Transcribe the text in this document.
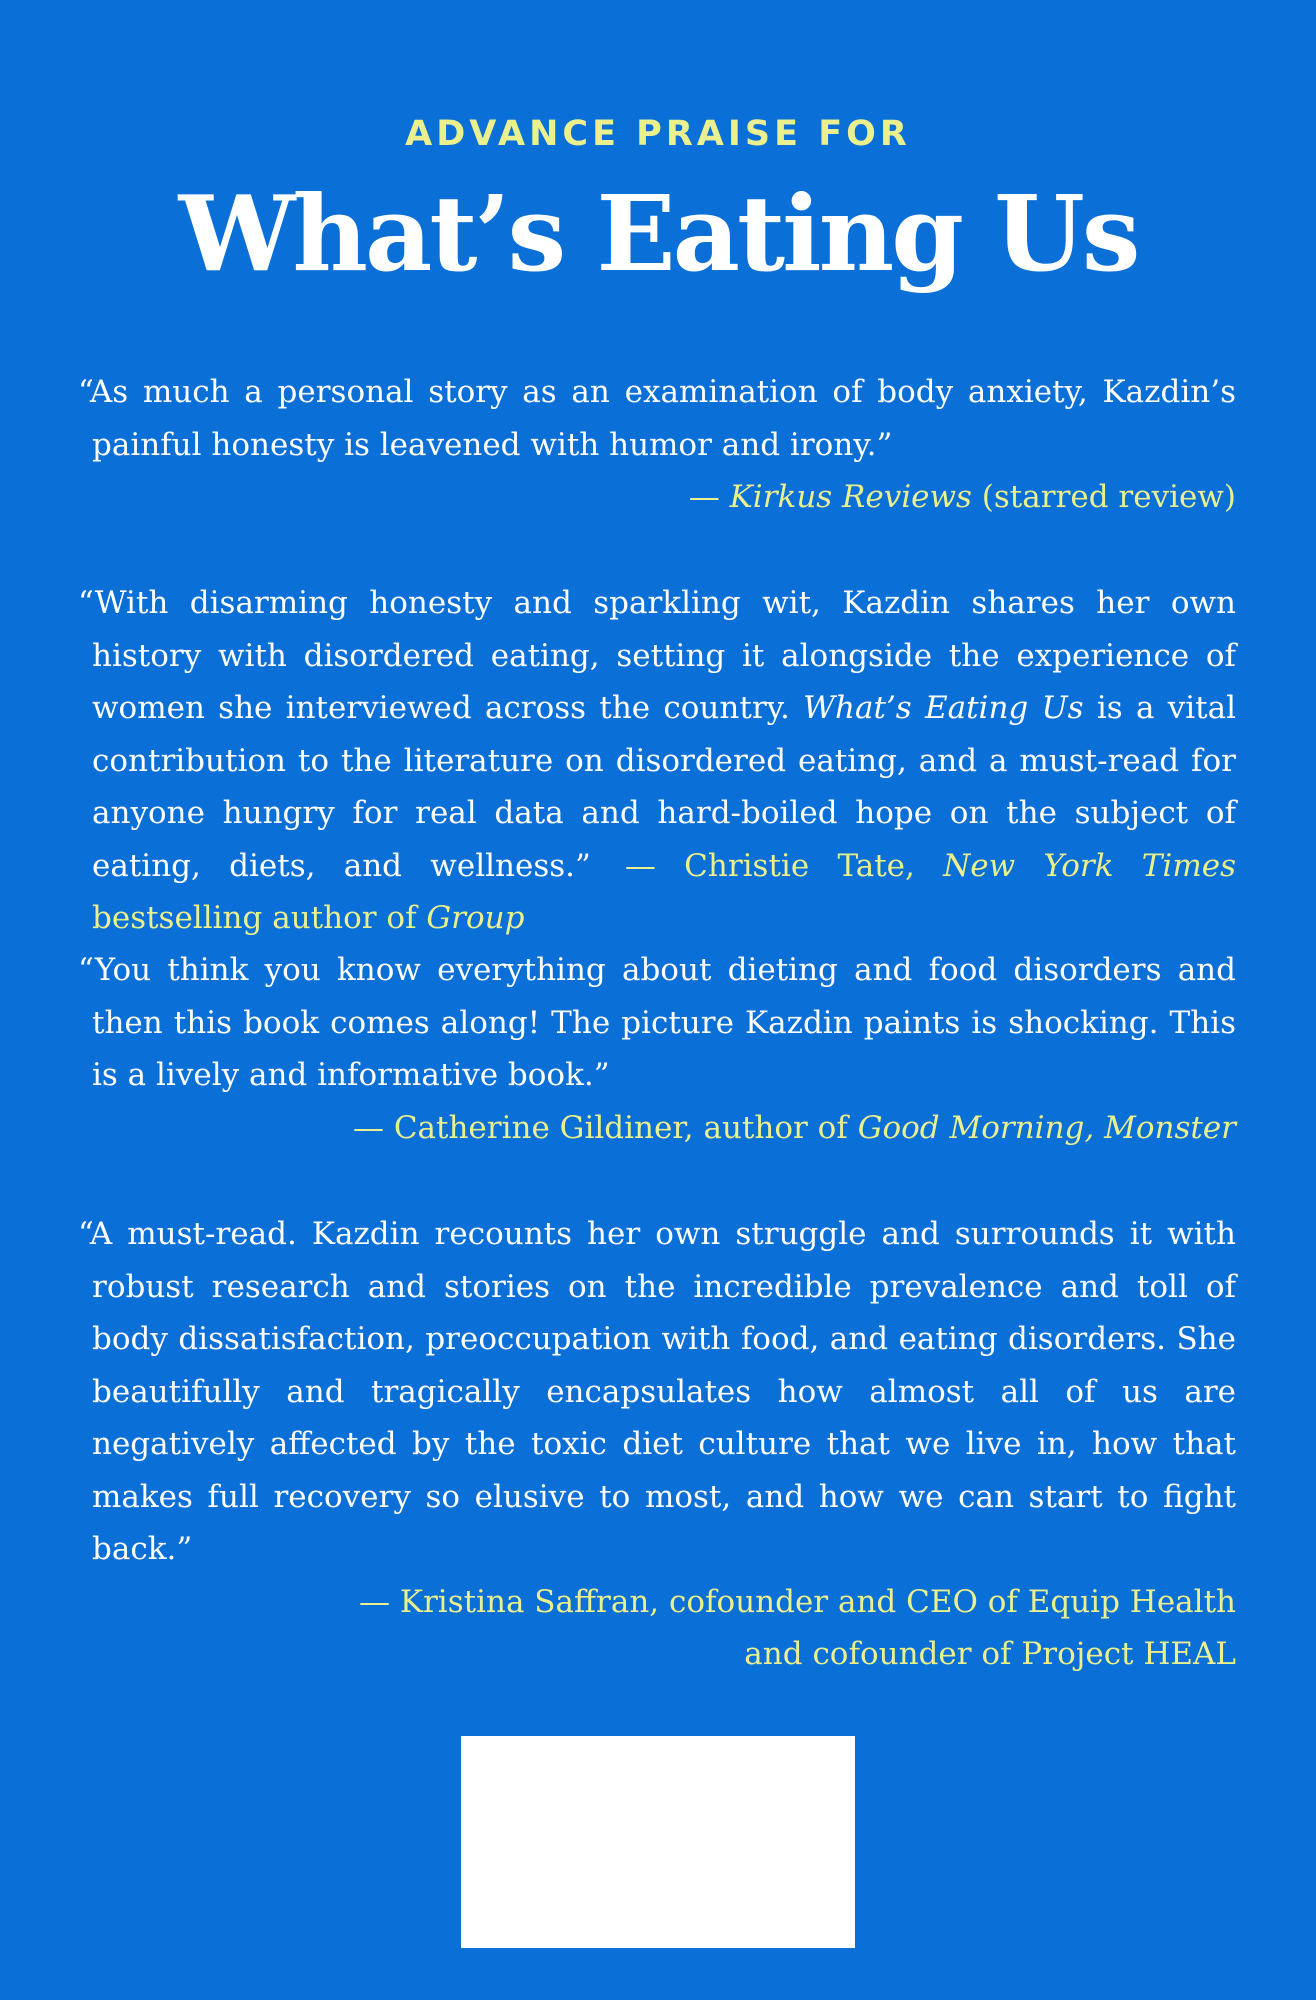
ADVANCE PRAISE FOR
What’s Eating Us
“As much a personal story as an examination of body anxiety, Kazdin’s painful honesty is leavened with humor and irony.”
— Kirkus Reviews (starred review)
“With disarming honesty and sparkling wit, Kazdin shares her own history with disordered eating, setting it alongside the experience of women she interviewed across the country. What’s Eating Us is a vital contribution to the literature on disordered eating, and a must-read for anyone hungry for real data and hard-boiled hope on the subject of eating, diets, and wellness.” — Christie Tate, New York Times bestselling author of Group
“You think you know everything about dieting and food disorders and then this book comes along! The picture Kazdin paints is shocking. This is a lively and informative book.”
— Catherine Gildiner, author of Good Morning, Monster
“A must-read. Kazdin recounts her own struggle and surrounds it with robust research and stories on the incredible prevalence and toll of body dissatisfaction, preoccupation with food, and eating disorders. She beautifully and tragically encapsulates how almost all of us are negatively affected by the toxic diet culture that we live in, how that makes full recovery so elusive to most, and how we can start to fight back.”
— Kristina Saffran, cofounder and CEO of Equip Health
and cofounder of Project HEAL
